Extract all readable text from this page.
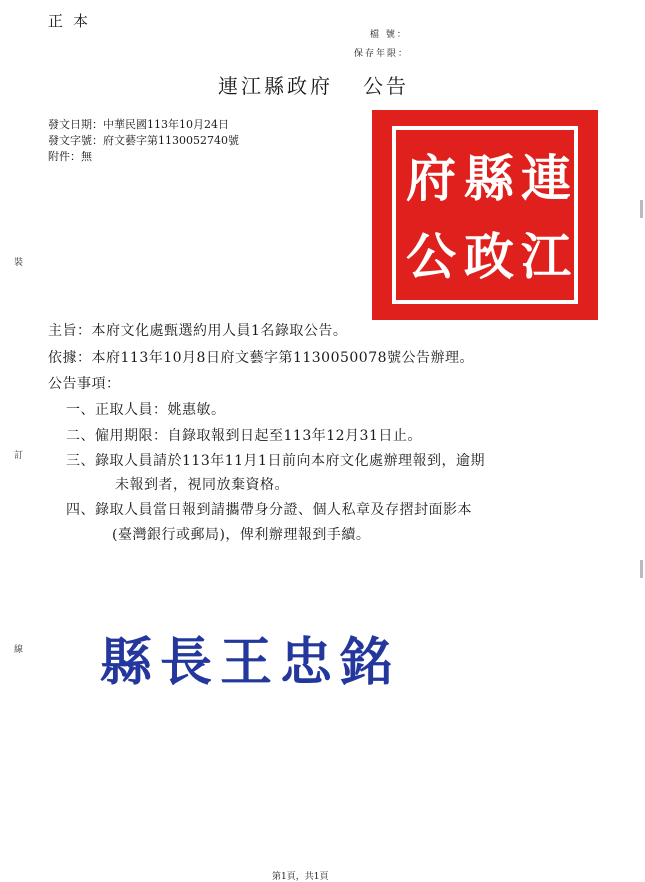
正本
檔 號：
保存年限：
連江縣政府 公告
發文日期：中華民國113年10月24日
發文字號：府文藝字第1130052740號
附件：無
裝
訂
線
連
江
縣
政
府
公
主旨：本府文化處甄選約用人員1名錄取公告。
依據：本府113年10月8日府文藝字第1130050078號公告辦理。
公告事項：
一、正取人員：姚惠敏。
二、僱用期限：自錄取報到日起至113年12月31日止。
三、錄取人員請於113年11月1日前向本府文化處辦理報到，逾期
未報到者，視同放棄資格。
四、錄取人員當日報到請攜帶身分證、個人私章及存摺封面影本
(臺灣銀行或郵局)，俾利辦理報到手續。
縣長王忠銘
第1頁，共1頁
